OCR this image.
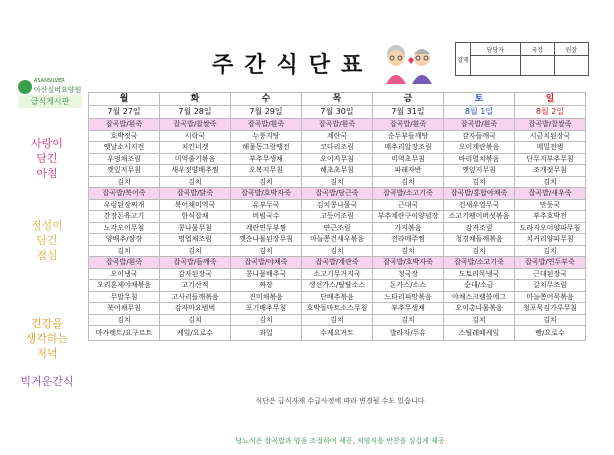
ASANSILVER
아산실버요양원
주간식단표	결재	담당자	국장	원장

급식게시판
사랑이
담긴
아침
정성이
담긴
점심
건강을
생각하는
저녁
빅거운간식
월	화	수	목	금	토	일
7월 27일	7월 28일	7월 29일	7월 30일	7월 31일	8월 1일	8월 2일
잡곡밥/흰죽	잡곡밥/찹쌀죽	잡곡밥/흰죽	잡곡밥/흰죽	잡곡밥/흰죽	잡곡밥/흰죽	잡곡밥/찹쌀죽
호박젓국	시락국	누룽지탕	계란국	순두부들깨탕	감자들깨국	시금치된장국
옛날소시지전	치킨너겟	해물동그랑땡전	코다리조림	메추리알장조림	오이계란볶음	메밀전병
우엉채조림	미역줄기볶음	부추무생채	오이지무침	미역초무침	바리멸치볶음	단무지부추무침
깻잎지무침	새우젓양배추찜	오복지무침	해초초무침	파래자반	깻잎지무침	조개젓무침
김치	김치	김치	김치	김치	김치	김치
잡곡밥/북어죽	잡곡밥/닭죽	잡곡밥/호박자죽	잡곡밥/당근죽	잡곡밥/소고기죽	잡곡밥/홍합야채죽	잡곡밥/새우죽
우렁된장찌개	북어채미역국	유부두국	김치콩나물국	근대국	건새우열무국	만둣국
간장돈육고기	한식잡채	비빔국수	고등어조림	부추계란구이양념장	소고기팽이버섯볶음	부추호박전
노각오이무침	콩나물무침	계란연두부찜	연근조림	가지볶음	감자조림	도라지오이양파무침
양배추/쌈장	명엽채조림	깻순나물된장무침	마늘쫑건새우볶음	전라메주찜	청경채들깨볶음	치커리양파무침
김치	김치	김치	김치	김치	김치	김치
잡곡밥/흰죽	잡곡밥/들깨죽	잡곡밥/야채죽	잡곡밥/계란죽	잡곡밥/호박자죽	잡곡밥/소고기죽	잡곡밥/연두부죽
오이냉국	감자된장국	콩나물배추국	소고기무거지국	청국장	도토리묵냉국	근대된장국
오리훈제야채볶음	고기산적	짜장	생선가스/탈탈소스	돈가스/소스	순대/소금	갈치무조림
무말무침	고사리들깨볶음	진미채볶음	단배추볶음	느타리피망볶음	야채스크램블에그	마늘쫑어묵볶음
북어채무침	감자마요범벅	포기배추무침	호박돌마트소스무침	부추무생채	오이총나물볶음	청포묵김가루무침
김치	김치	김치	김치	김치	김치	김치
마가렛트/요구르트	케잌/요로수	과일	수제요거트	발라자/두유	스틸레떼케잌	빵/요로수
식단은 급식자재 수급사정에 따라 변경될 수도 있습니다
당뇨식은 잡곡밥과 양을 조절하여 제공, 저염식을 반찬을 싱겁게 제공
